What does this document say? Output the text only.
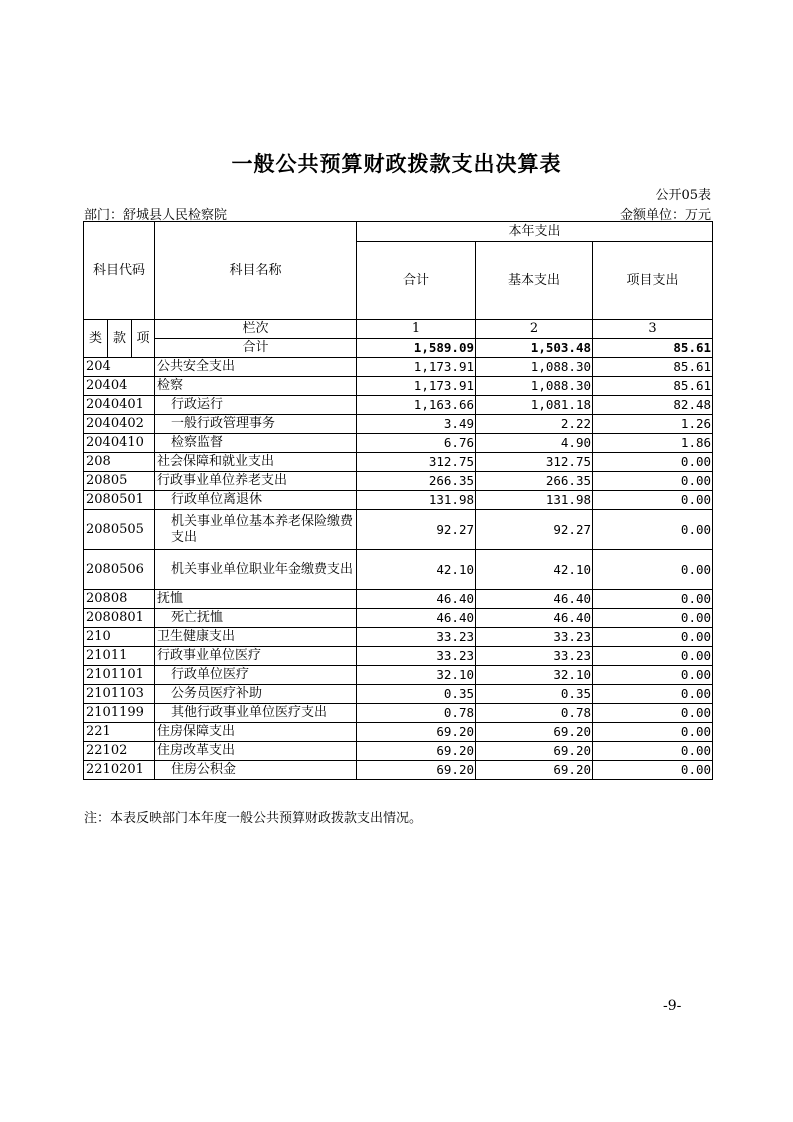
一般公共预算财政拨款支出决算表
公开05表
部门：舒城县人民检察院	金额单位：万元
科目代码			科目名称	本年支出		
				合计	基本支出	项目支出
类	款	项	栏次	1	2	3
			合计	1,589.09	1,503.48	85.61
204			公共安全支出	1,173.91	1,088.30	85.61
20404			检察	1,173.91	1,088.30	85.61
2040401			行政运行	1,163.66	1,081.18	82.48
2040402			一般行政管理事务	3.49	2.22	1.26
2040410			检察监督	6.76	4.90	1.86
208			社会保障和就业支出	312.75	312.75	0.00
20805			行政事业单位养老支出	266.35	266.35	0.00
2080501			行政单位离退休	131.98	131.98	0.00
2080505			机关事业单位基本养老保险缴费支出	92.27	92.27	0.00
2080506			机关事业单位职业年金缴费支出	42.10	42.10	0.00
20808			抚恤	46.40	46.40	0.00
2080801			死亡抚恤	46.40	46.40	0.00
210			卫生健康支出	33.23	33.23	0.00
21011			行政事业单位医疗	33.23	33.23	0.00
2101101			行政单位医疗	32.10	32.10	0.00
2101103			公务员医疗补助	0.35	0.35	0.00
2101199			其他行政事业单位医疗支出	0.78	0.78	0.00
221			住房保障支出	69.20	69.20	0.00
22102			住房改革支出	69.20	69.20	0.00
2210201			住房公积金	69.20	69.20	0.00
注：本表反映部门本年度一般公共预算财政拨款支出情况。
-9-
